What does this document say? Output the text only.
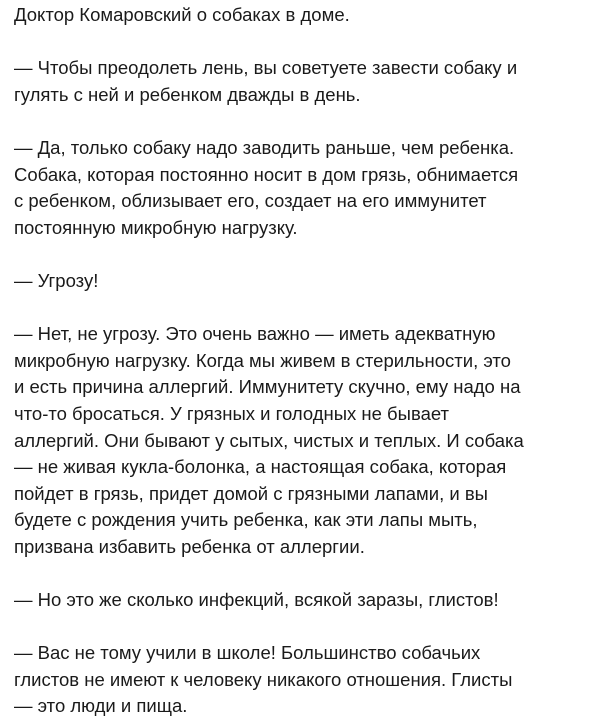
Доктор Комаровский о собаках в доме.

— Чтобы преодолеть лень, вы советуете завести собаку и
гулять с ней и ребенком дважды в день.

— Да, только собаку надо заводить раньше, чем ребенка.
Собака, которая постоянно носит в дом грязь, обнимается
с ребенком, облизывает его, создает на его иммунитет
постоянную микробную нагрузку.

— Угрозу!

— Нет, не угрозу. Это очень важно — иметь адекватную
микробную нагрузку. Когда мы живем в стерильности, это
и есть причина аллергий. Иммунитету скучно, ему надо на
что-то бросаться. У грязных и голодных не бывает
аллергий. Они бывают у сытых, чистых и теплых. И собака
— не живая кукла-болонка, а настоящая собака, которая
пойдет в грязь, придет домой с грязными лапами, и вы
будете с рождения учить ребенка, как эти лапы мыть,
призвана избавить ребенка от аллергии.

— Но это же сколько инфекций, всякой заразы, глистов!

— Вас не тому учили в школе! Большинство собачьих
глистов не имеют к человеку никакого отношения. Глисты
— это люди и пища.
